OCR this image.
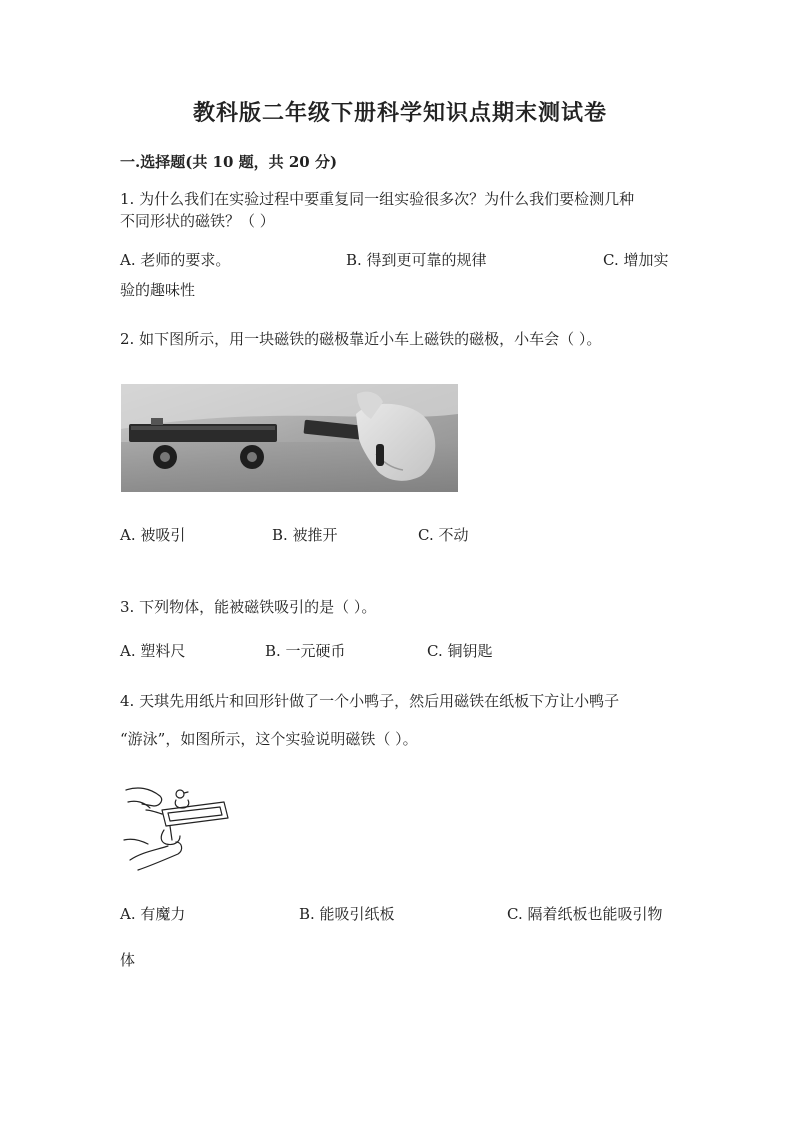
教科版二年级下册科学知识点期末测试卷
一.选择题(共 10 题，共 20 分)
1. 为什么我们在实验过程中要重复同一组实验很多次？为什么我们要检测几种
不同形状的磁铁？（ ）
A. 老师的要求。	B. 得到更可靠的规律	C. 增加实
验的趣味性
2. 如下图所示，用一块磁铁的磁极靠近小车上磁铁的磁极，小车会（ ）。
A. 被吸引	B. 被推开	C. 不动
3. 下列物体，能被磁铁吸引的是（ ）。
A. 塑料尺	B. 一元硬币	C. 铜钥匙
4. 天琪先用纸片和回形针做了一个小鸭子，然后用磁铁在纸板下方让小鸭子
“游泳”，如图所示，这个实验说明磁铁（ ）。
A. 有魔力	B. 能吸引纸板	C. 隔着纸板也能吸引物
体
